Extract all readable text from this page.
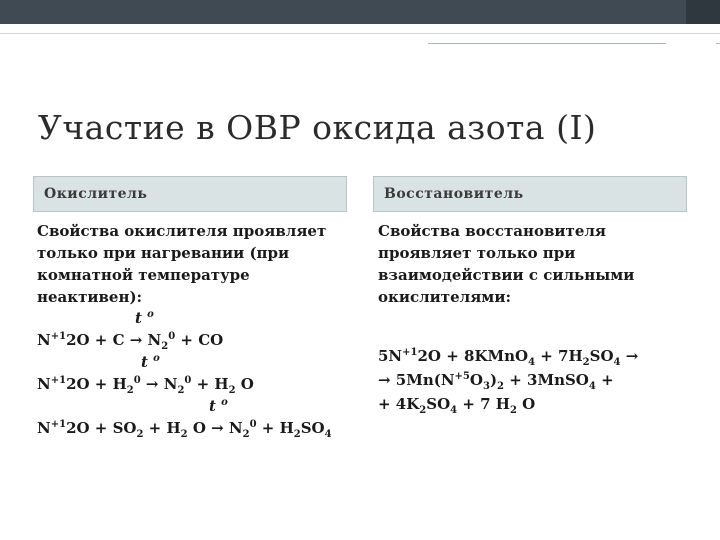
Участие в ОВР оксида азота (I)
Окислитель	Восстановитель

Свойства окислителя проявляет только при нагревании (при комнатной температуре неактивен):

t $^o$
$N^{+1}2O + C \to N_2^0$ + CO
t $^o$
$N^{+1}2O + H_2^0 \to N_2^0 + H_2$ O
t $^o$
$N^{+1}2O + SO_2 + H_2$ $O \to N_2^0 + H_2SO_4$

Свойства восстановителя проявляет только при взаимодействии с сильными окислителями:

$5N^{+1}2O$ + 8KMnO$_4$ + $7H_2SO_4$ →
→ $5Mn(N^{+5}O_3)_2$ + 3MnSO$_4$ +
+ $4K_2SO_4 + 7$ $H_2$ O
